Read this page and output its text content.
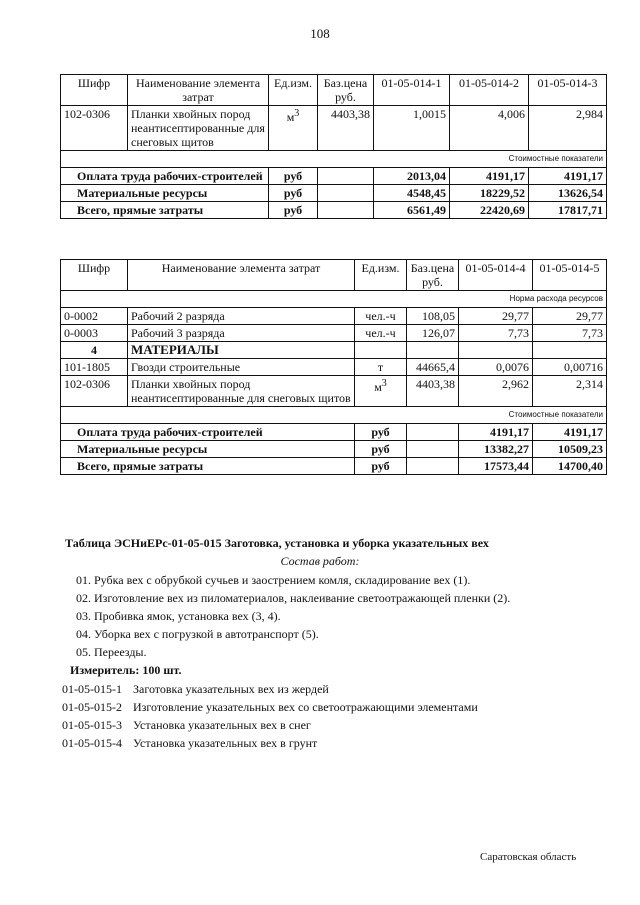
108
Шифр	Наименование элемента затрат	Ед.изм.	Баз.цена руб.	01-05-014-1	01-05-014-2	01-05-014-3
102-0306	Планки хвойных пород неантисептированные для снеговых щитов	$м^3$	4403,38	1,0015	4,006	2,984
Стоимостные показатели						
Оплата труда рабочих-строителей		руб		2013,04	4191,17	4191,17
Материальные ресурсы		руб		4548,45	18229,52	13626,54
Всего, прямые затраты		руб		6561,49	22420,69	17817,71
Шифр	Наименование элемента затрат	Ед.изм.	Баз.цена руб.	01-05-014-4	01-05-014-5
Норма расхода ресурсов					
0-0002	Рабочий 2 разряда	чел.-ч	108,05	29,77	29,77
0-0003	Рабочий 3 разряда	чел.-ч	126,07	7,73	7,73
4	МАТЕРИАЛЫ				
101-1805	Гвозди строительные	т	44665,4	0,0076	0,00716
102-0306	Планки хвойных пород неантисептированные для снеговых щитов	$м^3$	4403,38	2,962	2,314
Стоимостные показатели					
Оплата труда рабочих-строителей		руб		4191,17	4191,17
Материальные ресурсы		руб		13382,27	10509,23
Всего, прямые затраты		руб		17573,44	14700,40
Таблица ЭСНиЕРс-01-05-015 Заготовка, установка и уборка указательных вех
Состав работ:
01. Рубка вех с обрубкой сучьев и заострением комля, складирование вех (1).
02. Изготовление вех из пиломатериалов, наклеивание светоотражающей пленки (2).
03. Пробивка ямок, установка вех (3, 4).
04. Уборка вех с погрузкой в автотранспорт (5).
05. Переезды.
Измеритель: 100 шт.
01-05-015-1 Заготовка указательных вех из жердей
01-05-015-2 Изготовление указательных вех со светоотражающими элементами
01-05-015-3 Установка указательных вех в снег
01-05-015-4 Установка указательных вех в грунт
Саратовская область
